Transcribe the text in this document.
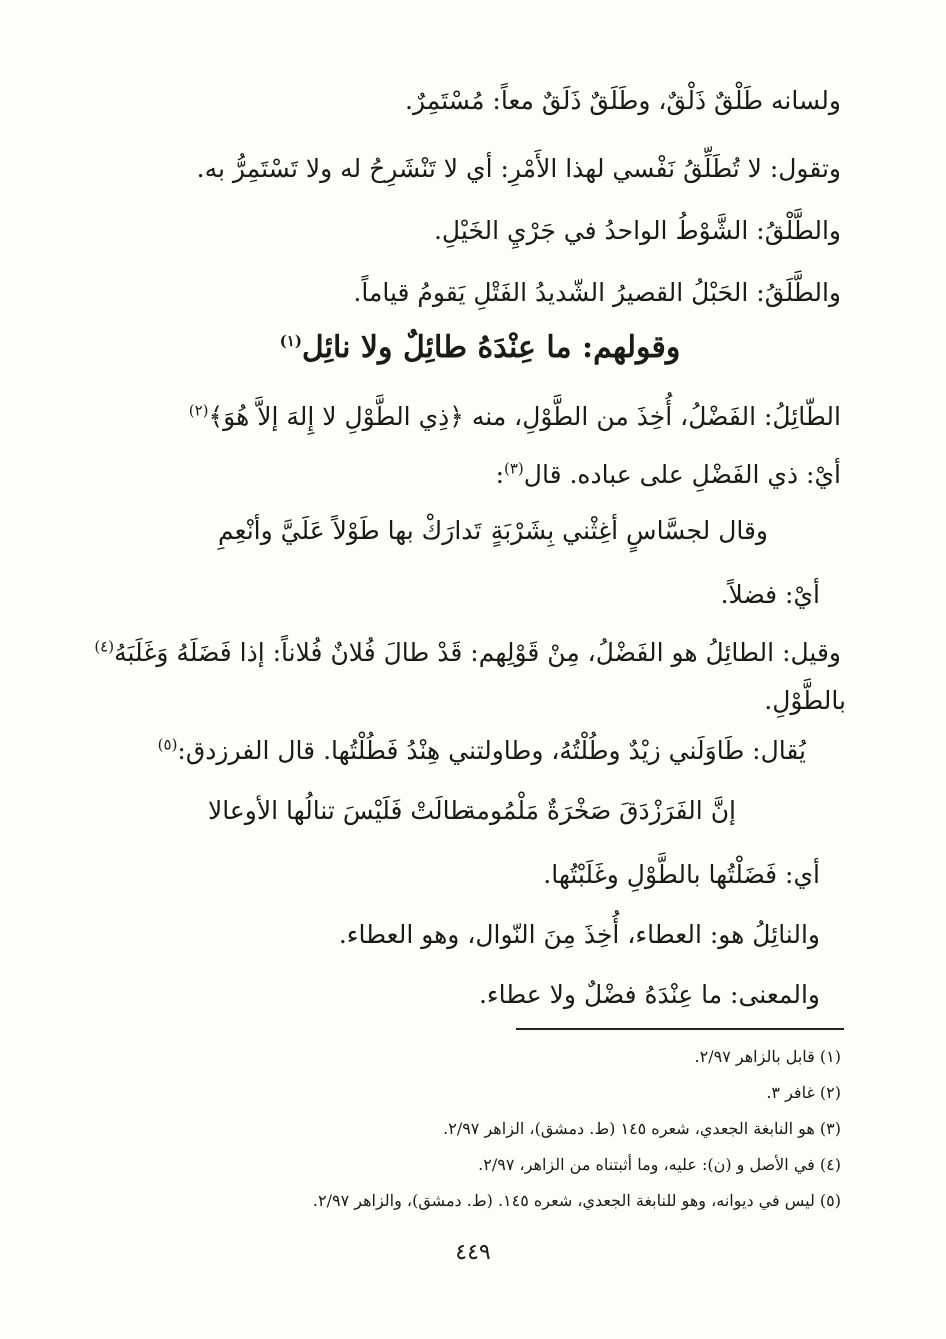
ولسانه طَلْقٌ ذَلْقٌ، وطَلَقٌ ذَلَقٌ معاً: مُسْتَمِرٌ.
وتقول: لا تُطَلِّقُ نَفْسي لهذا الأَمْرِ: أي لا تَنْشَرِحُ له ولا تَسْتَمِرُّ به.
والطَّلْقُ: الشَّوْطُ الواحدُ في جَرْيِ الخَيْلِ.
والطَّلَقُ: الحَبْلُ القصيرُ الشّديدُ الفَتْلِ يَقومُ قياماً.
وقولهم: ما عِنْدَهُ طائِلٌ ولا نائِل$^{(١)}$
الطّائِلُ: الفَضْلُ، أُخِذَ من الطَّوْلِ، منه ﴿ذِي الطَّوْلِ لا إِلهَ إلاَّ هُوَ﴾$^{(٢)}$
أيْ: ذي الفَضْلِ على عباده. قال$^{(٣)}$:
وقال لجسَّاسٍ أغِثْني بِشَرْبَةٍ
تَدارَكْ بها طَوْلاً عَلَيَّ وأنْعِمِ
أيْ: فضلاً.
وقيل: الطائِلُ هو الفَضْلُ، مِنْ قَوْلِهم: قَدْ طالَ فُلانٌ فُلاناً: إذا فَضَلَهُ وَغَلَبَهُ$^{(٤)}$
بالطَّوْلِ.
يُقال: طَاوَلَني زيْدٌ وطُلْتُهُ، وطاولتني هِنْدُ فَطُلْتُها. قال الفرزدق:$^{(٥)}$
إنَّ الفَرَزْدَقَ صَخْرَةٌ مَلْمُومة
طالَتْ فَلَيْسَ تنالُها الأوعالا
أي: فَضَلْتُها بالطَّوْلِ وغَلَبْتُها.
والنائِلُ هو: العطاء، أُخِذَ مِنَ النّوال، وهو العطاء.
والمعنى: ما عِنْدَهُ فضْلٌ ولا عطاء.
(١) قابل بالزاهر ٢/٩٧.
(٢) غافر ٣.
(٣) هو النابغة الجعدي، شعره ١٤٥ (ط. دمشق)، الزاهر ٢/٩٧.
(٤) في الأصل و (ن): عليه، وما أثبتناه من الزاهر، ٢/٩٧.
(٥) ليس في ديوانه، وهو للنابغة الجعدي، شعره ١٤٥. (ط. دمشق)، والزاهر ٢/٩٧.
٤٤٩
